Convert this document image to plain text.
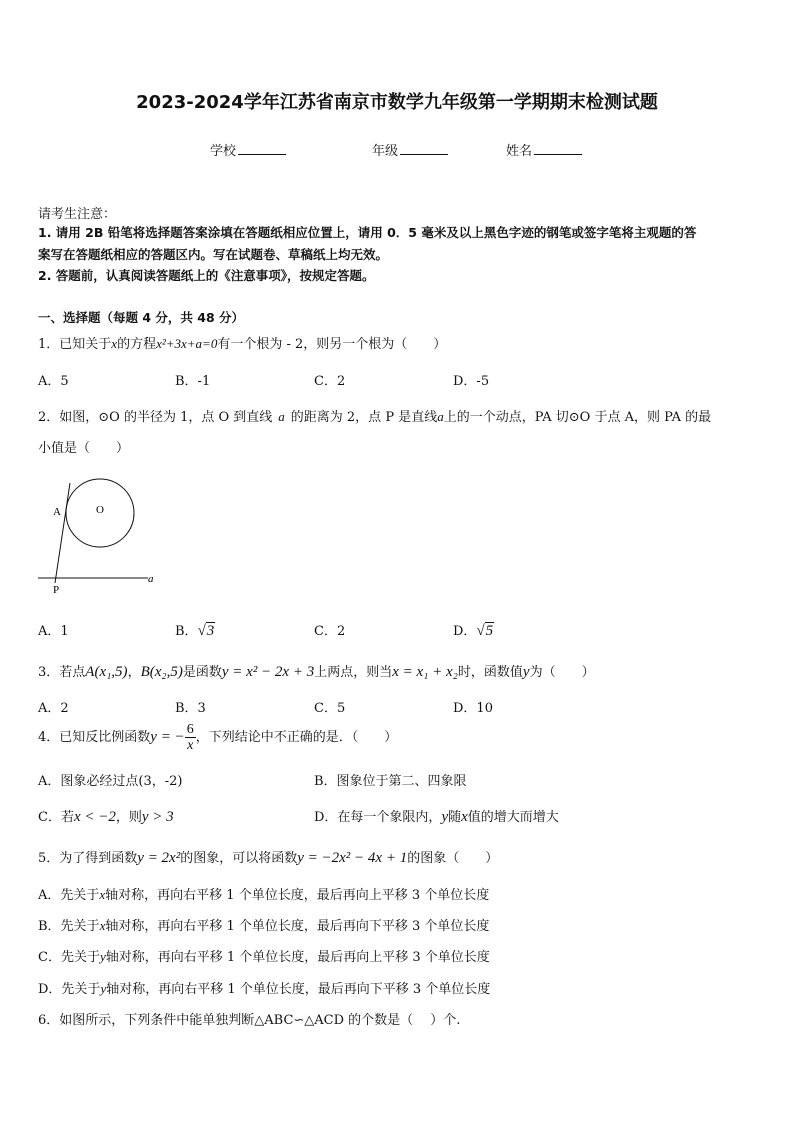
2023-2024学年江苏省南京市数学九年级第一学期期末检测试题
学校	年级	姓名
请考生注意：
1. 请用 2B 铅笔将选择题答案涂填在答题纸相应位置上，请用 0．5 毫米及以上黑色字迹的钢笔或签字笔将主观题的答
案写在答题纸相应的答题区内。写在试题卷、草稿纸上均无效。
2. 答题前，认真阅读答题纸上的《注意事项》，按规定答题。
一、选择题（每题 4 分，共 48 分）
1．已知关于x的方程x²+3x+a=0有一个根为 - 2，则另一个根为（　　）
A．5	B．-1	C．2	D．-5
2．如图，⊙O 的半径为 1，点 O 到直线 a 的距离为 2，点 P 是直线a上的一个动点，PA 切⊙O 于点 A，则 PA 的最
小值是（　　）
A	O
P
a
A．1	B．√3	C．2	D．√5
3．若点A(x₁,5)，B(x₂,5)是函数y = x² − 2x + 3上两点，则当x = x₁ + x₂时，函数值y为（　　）
A．2	B．3	C．5	D．10
4．已知反比例函数y = − $\frac{6}{x}$ ，下列结论中不正确的是．（　　）
A．图象必经过点(3，-2)	B．图象位于第二、四象限
C．若x < −2，则y > 3	D．在每一个象限内，y随x值的增大而增大
5．为了得到函数y = 2x²的图象，可以将函数y = −2x² − 4x + 1的图象（　　）
A．先关于x轴对称，再向右平移 1 个单位长度，最后再向上平移 3 个单位长度
B．先关于x轴对称，再向右平移 1 个单位长度，最后再向下平移 3 个单位长度
C．先关于y轴对称，再向右平移 1 个单位长度，最后再向上平移 3 个单位长度
D．先关于y轴对称，再向右平移 1 个单位长度，最后再向下平移 3 个单位长度
6．如图所示，下列条件中能单独判断△ABC∽△ACD 的个数是（　 ）个.
